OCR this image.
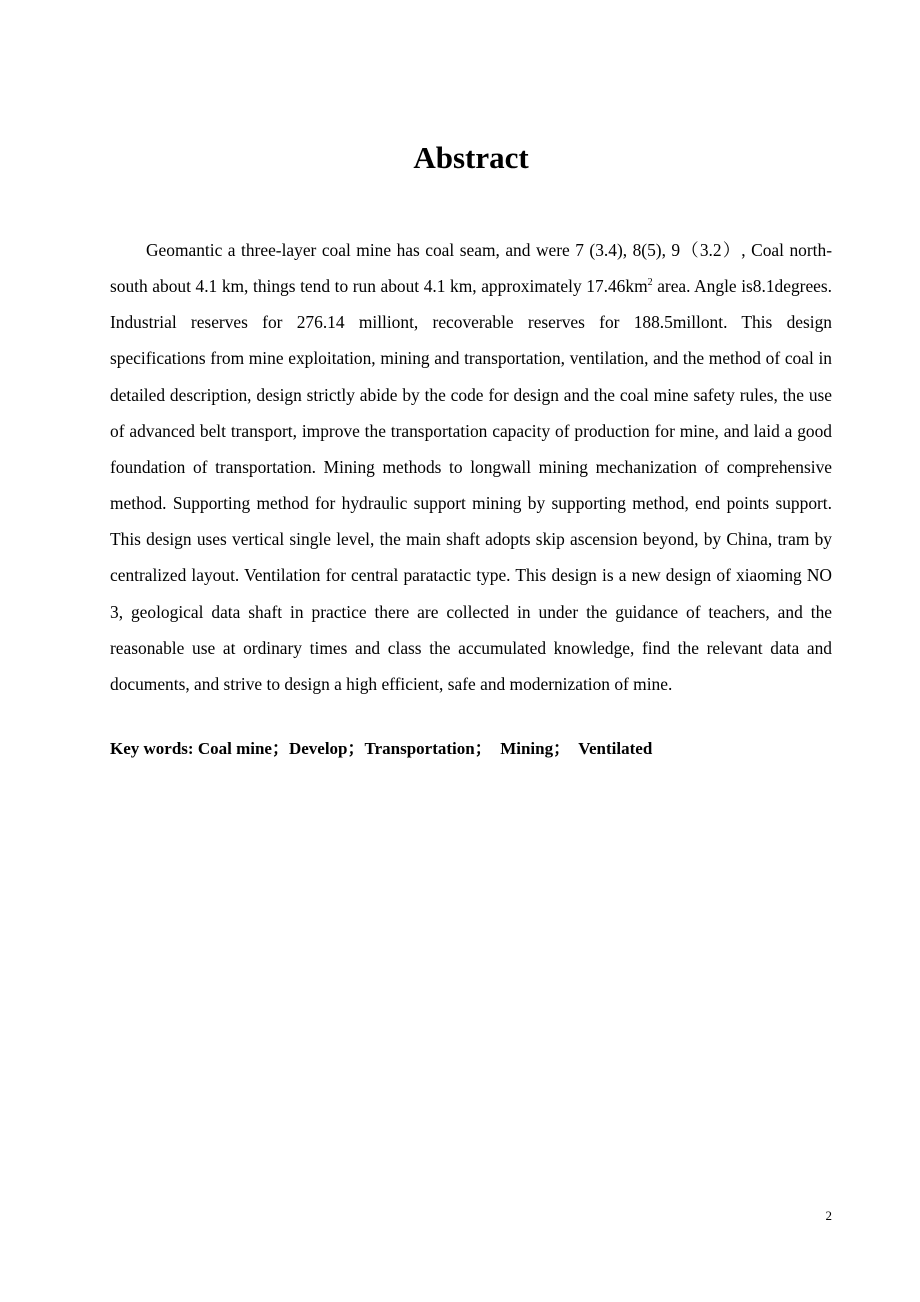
Abstract

Geomantic a three-layer coal mine has coal seam, and were 7 (3.4), 8(5), 9（3.2）, Coal north-south about 4.1 km, things tend to run about 4.1 km, approximately $17.46km^2$ area. Angle is8.1degrees. Industrial reserves for 276.14 milliont, recoverable reserves for 188.5millont. This design specifications from mine exploitation, mining and transportation, ventilation, and the method of coal in detailed description, design strictly abide by the code for design and the coal mine safety rules, the use of advanced belt transport, improve the transportation capacity of production for mine, and laid a good foundation of transportation. Mining methods to longwall mining mechanization of comprehensive method. Supporting method for hydraulic support mining by supporting method, end points support. This design uses vertical single level, the main shaft adopts skip ascension beyond, by China, tram by centralized layout. Ventilation for central paratactic type. This design is a new design of xiaoming NO 3, geological data shaft in practice there are collected in under the guidance of teachers, and the reasonable use at ordinary times and class the accumulated knowledge, find the relevant data and documents, and strive to design a high efficient, safe and modernization of mine.

Key words: Coal mine；Develop；Transportation；  Mining；  Ventilated

2
